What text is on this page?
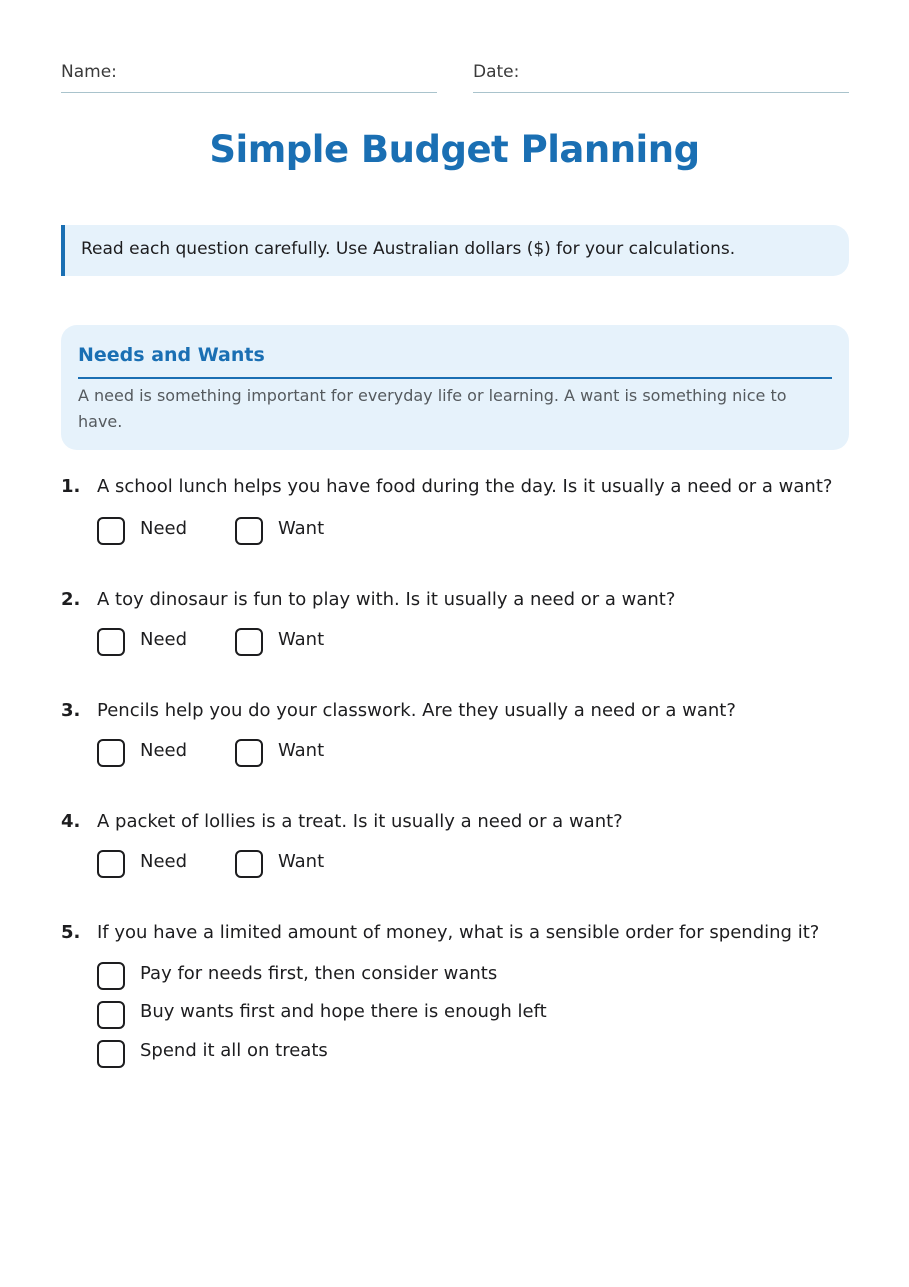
Name:	Date:
Simple Budget Planning
Read each question carefully. Use Australian dollars ($) for your calculations.
Needs and Wants
A need is something important for everyday life or learning. A want is something nice to have.
1. A school lunch helps you have food during the day. Is it usually a need or a want?
Need	Want
2. A toy dinosaur is fun to play with. Is it usually a need or a want?
Need	Want
3. Pencils help you do your classwork. Are they usually a need or a want?
Need	Want
4. A packet of lollies is a treat. Is it usually a need or a want?
Need	Want
5. If you have a limited amount of money, what is a sensible order for spending it?
Pay for needs first, then consider wants
Buy wants first and hope there is enough left
Spend it all on treats
